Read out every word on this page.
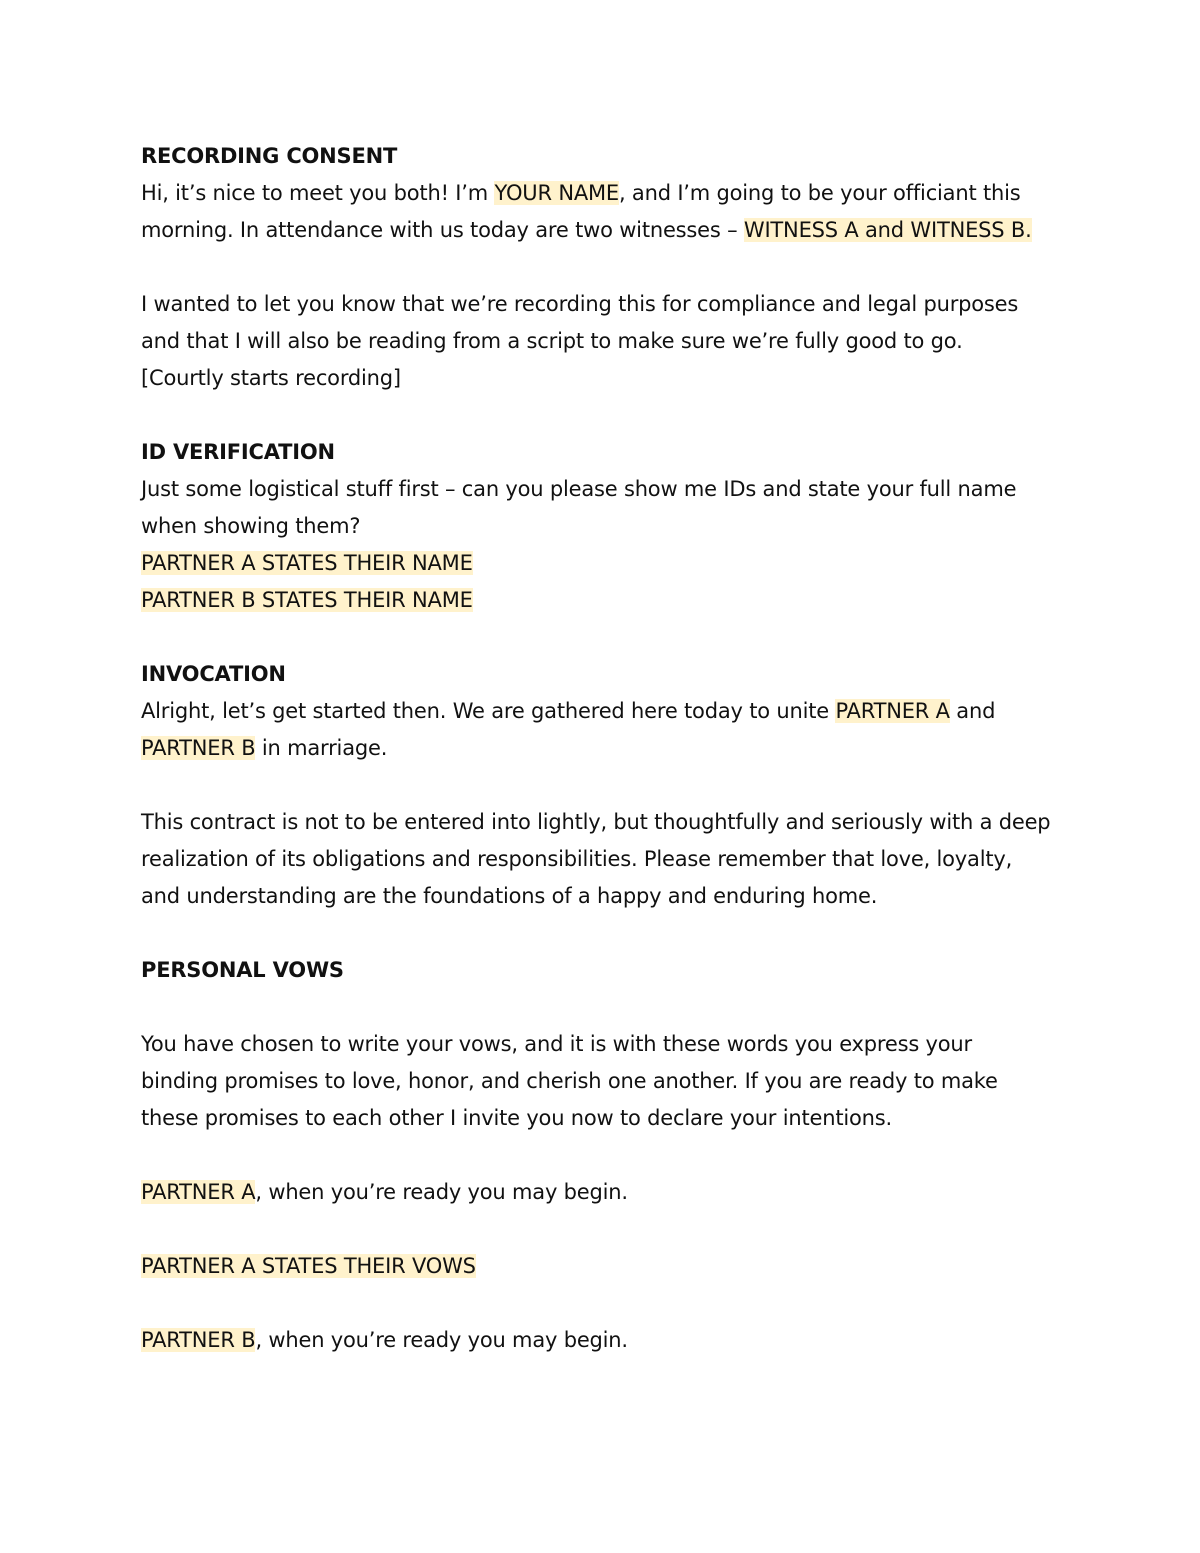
RECORDING CONSENT

Hi, it’s nice to meet you both! I’m YOUR NAME, and I’m going to be your officiant this morning. In attendance with us today are two witnesses – WITNESS A and WITNESS B.

I wanted to let you know that we’re recording this for compliance and legal purposes and that I will also be reading from a script to make sure we’re fully good to go.

[Courtly starts recording]

ID VERIFICATION

Just some logistical stuff first – can you please show me IDs and state your full name when showing them?

PARTNER A STATES THEIR NAME

PARTNER B STATES THEIR NAME

INVOCATION

Alright, let’s get started then. We are gathered here today to unite PARTNER A and PARTNER B in marriage.

This contract is not to be entered into lightly, but thoughtfully and seriously with a deep realization of its obligations and responsibilities. Please remember that love, loyalty, and understanding are the foundations of a happy and enduring home.

PERSONAL VOWS

You have chosen to write your vows, and it is with these words you express your binding promises to love, honor, and cherish one another. If you are ready to make these promises to each other I invite you now to declare your intentions.

PARTNER A, when you’re ready you may begin.

PARTNER A STATES THEIR VOWS

PARTNER B, when you’re ready you may begin.
